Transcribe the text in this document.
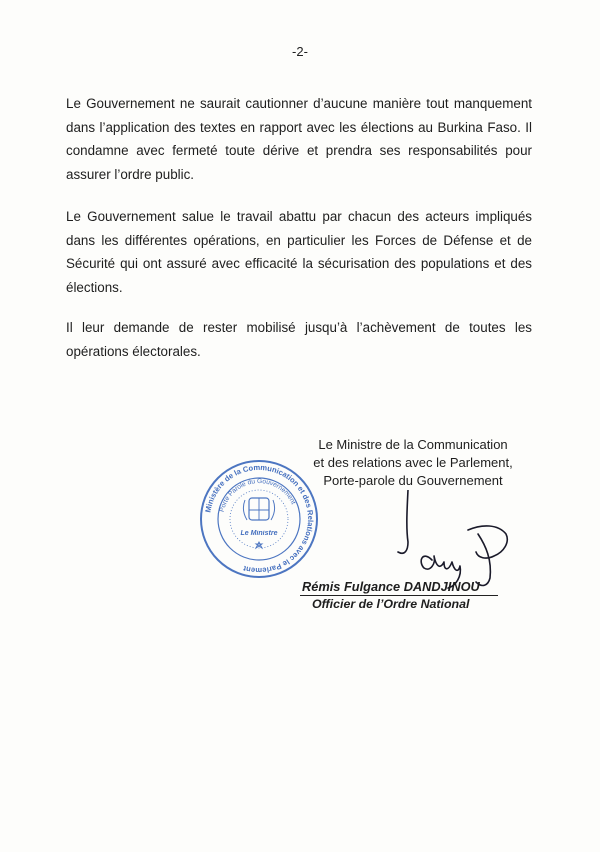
-2-

Le Gouvernement ne saurait cautionner d’aucune manière tout manquement dans l’application des textes en rapport avec les élections au Burkina Faso. Il condamne avec fermeté toute dérive et prendra ses responsabilités pour assurer l’ordre public.

Le Gouvernement salue le travail abattu par chacun des acteurs impliqués dans les différentes opérations, en particulier les Forces de Défense et de Sécurité qui ont assuré avec efficacité la sécurisation des populations et des élections.

Il leur demande de rester mobilisé jusqu’à l’achèvement de toutes les opérations électorales.

Le Ministre de la Communication
et des relations avec le Parlement,
Porte-parole du Gouvernement
Ministère de la Communication et des Relations avec le Parlement
Porte Parole du Gouvernement
Le Ministre
Rémis Fulgance DANDJINOU
Officier de l’Ordre National
